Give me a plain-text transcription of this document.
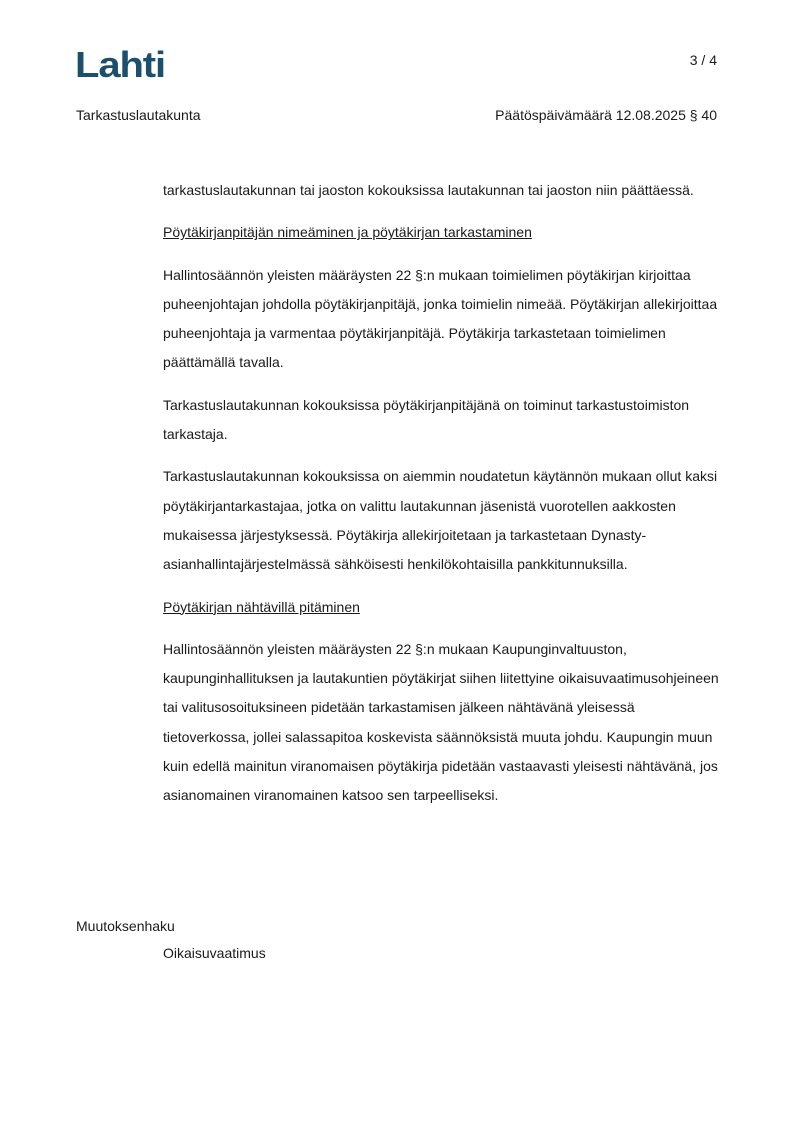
Lahti	3 / 4
Tarkastuslautakunta	Päätöspäivämäärä 12.08.2025 § 40

tarkastuslautakunnan tai jaoston kokouksissa lautakunnan tai jaoston niin päättäessä.

Pöytäkirjanpitäjän nimeäminen ja pöytäkirjan tarkastaminen

Hallintosäännön yleisten määräysten 22 §:n mukaan toimielimen pöytäkirjan kirjoittaa puheenjohtajan johdolla pöytäkirjanpitäjä, jonka toimielin nimeää. Pöytäkirjan allekirjoittaa puheenjohtaja ja varmentaa pöytäkirjanpitäjä. Pöytäkirja tarkastetaan toimielimen päättämällä tavalla.

Tarkastuslautakunnan kokouksissa pöytäkirjanpitäjänä on toiminut tarkastustoimiston tarkastaja.

Tarkastuslautakunnan kokouksissa on aiemmin noudatetun käytännön mukaan ollut kaksi pöytäkirjantarkastajaa, jotka on valittu lautakunnan jäsenistä vuorotellen aakkosten mukaisessa järjestyksessä. Pöytäkirja allekirjoitetaan ja tarkastetaan Dynasty-asianhallintajärjestelmässä sähköisesti henkilökohtaisilla pankkitunnuksilla.

Pöytäkirjan nähtävillä pitäminen

Hallintosäännön yleisten määräysten 22 §:n mukaan Kaupunginvaltuuston, kaupunginhallituksen ja lautakuntien pöytäkirjat siihen liitettyine oikaisuvaatimusohjeineen tai valitusosoituksineen pidetään tarkastamisen jälkeen nähtävänä yleisessä tietoverkossa, jollei salassapitoa koskevista säännöksistä muuta johdu. Kaupungin muun kuin edellä mainitun viranomaisen pöytäkirja pidetään vastaavasti yleisesti nähtävänä, jos asianomainen viranomainen katsoo sen tarpeelliseksi.

Muutoksenhaku
Oikaisuvaatimus
